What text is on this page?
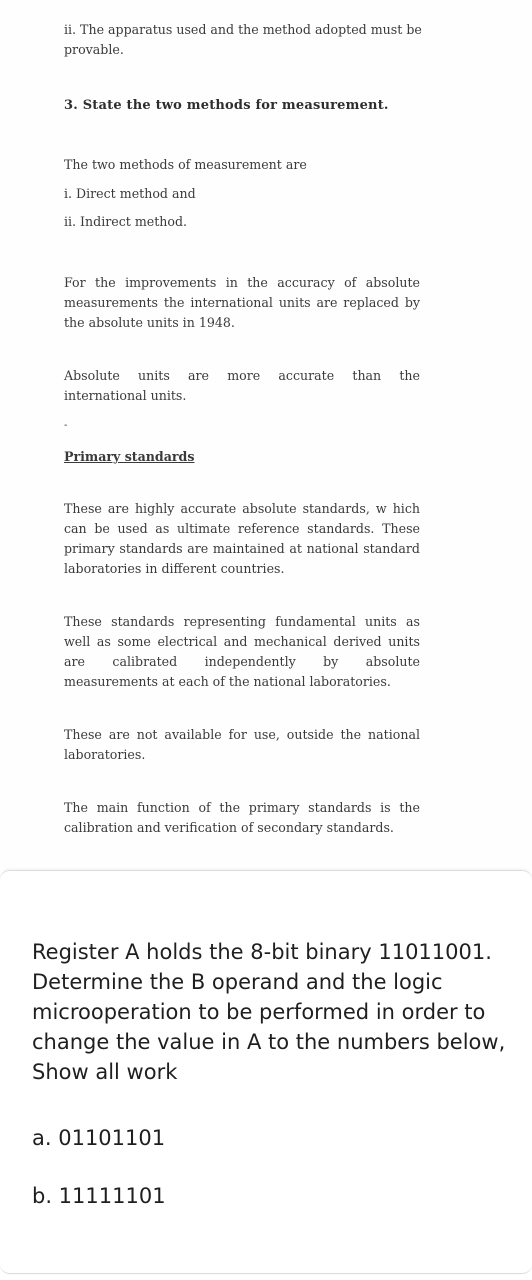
ii. The apparatus used and the method adopted must be provable.

3. State the two methods for measurement.

The two methods of measurement are

i. Direct method and

ii. Indirect method.

For the improvements in the accuracy of absolute measurements the international units are replaced by the absolute units in 1948.

Absolute units are more accurate than the international units.

-

Primary standards

These are highly accurate absolute standards, w hich can be used as ultimate reference standards. These primary standards are maintained at national standard laboratories in different countries.

These standards representing fundamental units as well as some electrical and mechanical derived units are calibrated independently by absolute measurements at each of the national laboratories.

These are not available for use, outside the national laboratories.

The main function of the primary standards is the calibration and verification of secondary standards.

Register A holds the 8-bit binary 11011001. Determine the B operand and the logic microoperation to be performed in order to change the value in A to the numbers below, Show all work

a. 01101101

b. 11111101
